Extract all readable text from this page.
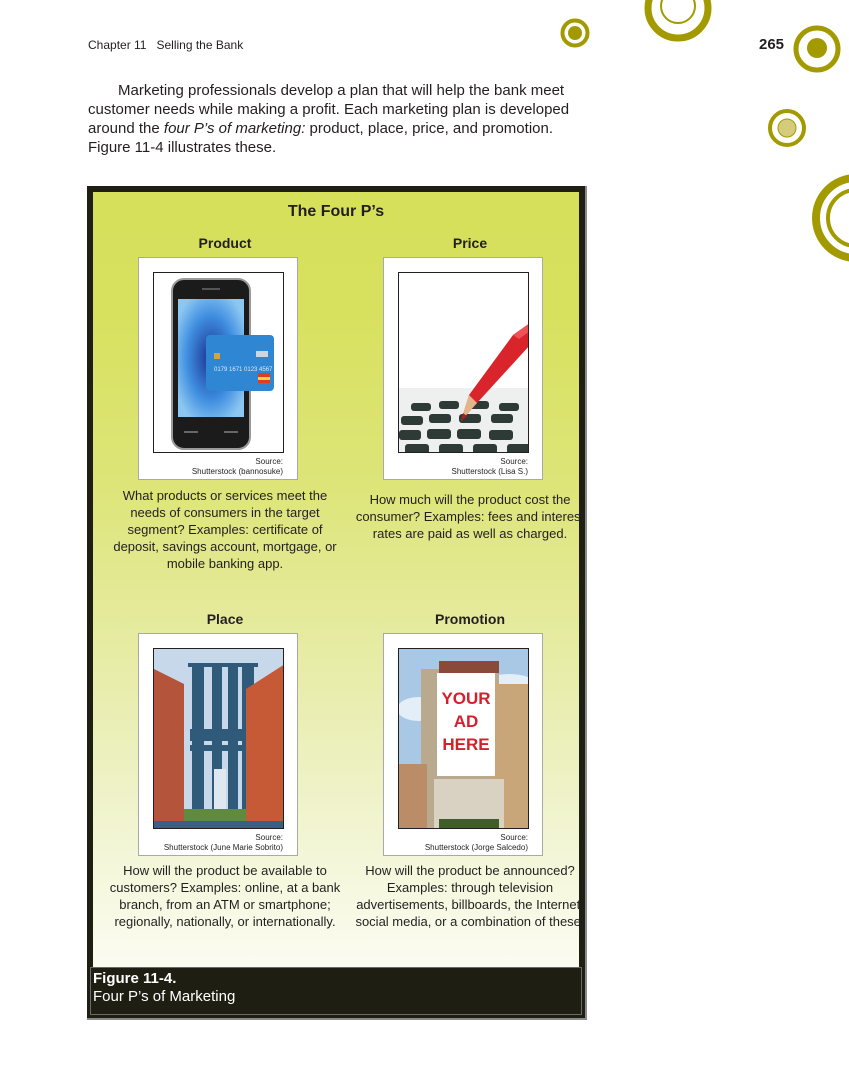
Chapter 11 Selling the Bank	265
Marketing professionals develop a plan that will help the bank meet customer needs while making a profit. Each marketing plan is developed around the four P’s of marketing: product, place, price, and promotion. Figure 11-4 illustrates these.
The Four P’s
Product
0179 1671 0123 4567
Source:
Shutterstock (bannosuke)
What products or services meet the needs of consumers in the target segment? Examples: certificate of deposit, savings account, mortgage, or mobile banking app.
Price
Source:
Shutterstock (Lisa S.)
How much will the product cost the consumer? Examples: fees and interest rates are paid as well as charged.
Place
Source:
Shutterstock (June Marie Sobrito)
How will the product be available to customers? Examples: online, at a bank branch, from an ATM or smartphone; regionally, nationally, or internationally.
Promotion
YOUR
AD
HERE
Source:
Shutterstock (Jorge Salcedo)
How will the product be announced? Examples: through television advertisements, billboards, the Internet, social media, or a combination of these.
Figure 11-4.
Four P’s of Marketing
